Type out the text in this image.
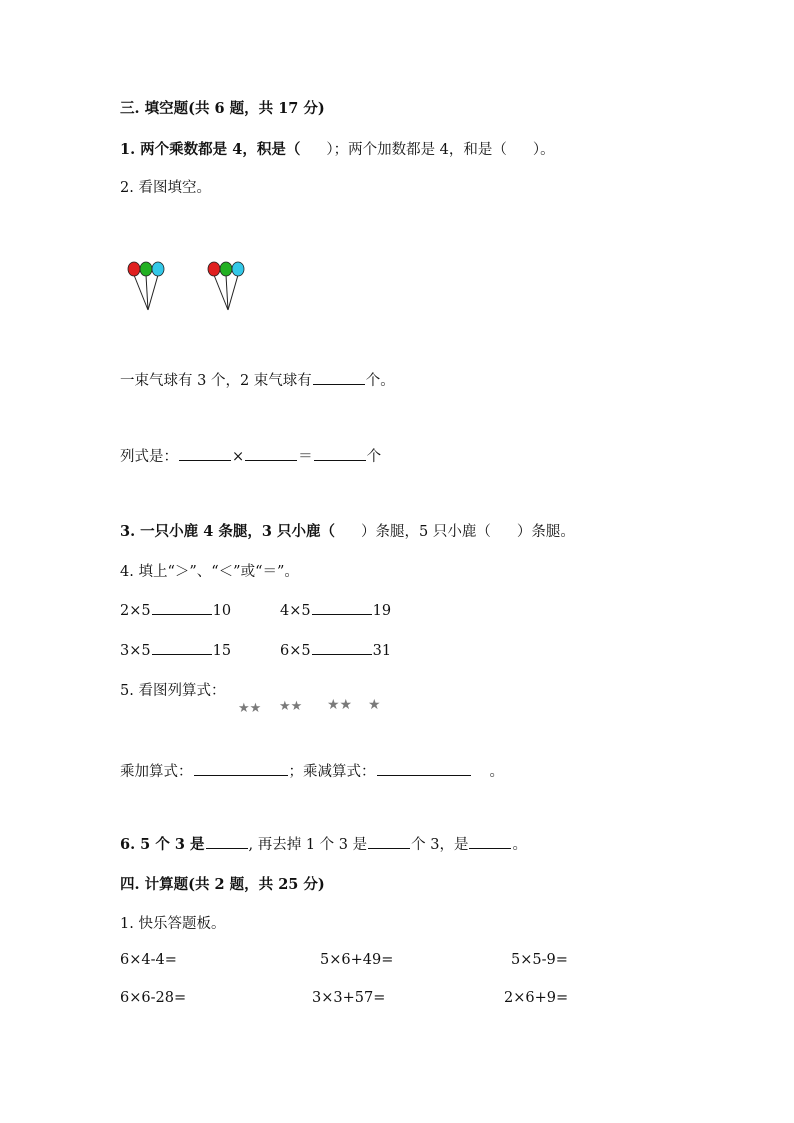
三. 填空题(共 6 题，共 17 分)
1. 两个乘数都是 4，积是（ ）；两个加数都是 4，和是（ ）。
2. 看图填空。
一束气球有 3 个，2 束气球有	个。
列式是：	×	＝	个
3. 一只小鹿 4 条腿，3 只小鹿（ ）条腿，5 只小鹿（ ）条腿。
4. 填上“＞”、“＜”或“＝”。
2×5	10	4×5	19
3×5	15	6×5	31
5. 看图列算式：
★★ ★★ ★★ ★
乘加算式：	；乘减算式：	。
6. 5 个 3 是	, 再去掉 1 个 3 是	个 3，是	。
四. 计算题(共 2 题，共 25 分)
1. 快乐答题板。
6×4-4=	5×6+49=	5×5-9=
6×6-28=	3×3+57=	2×6+9=
